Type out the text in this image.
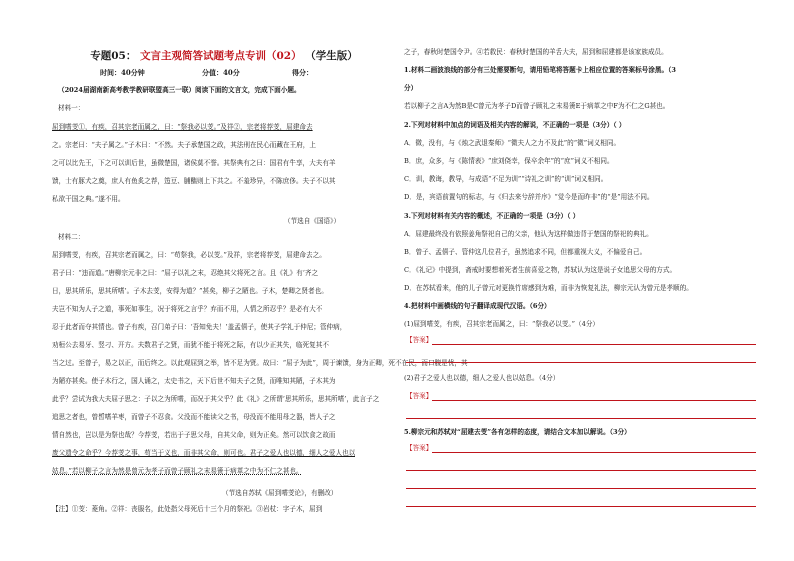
专题05： 文言主观简答试题考点专训（02） （学生版）
时间：40分钟	分值：40分	得分：
（2024届湖南新高考教学教研联盟高三一联）阅读下面的文言文，完成下面小题。
材料一：
屈到嗜芰①，有疾，召其宗老而属之，曰：“祭我必以芰。”及祥②，宗老将荐芰，屈建命去
之。宗老曰：“夫子属之。”子木曰：“不然。夫子承楚国之政，其法刑在民心而藏在王府，上
之可以比先王，下之可以训后世，虽微楚国，诸侯莫不誉。其祭典有之曰：国君有牛享，大夫有羊
馈，士有豚犬之奠，庶人有鱼炙之荐，笾豆、脯醢则上下共之。不羞珍异，不陈庶侈。夫子不以其
私欲干国之典。”遂不用。
（节选自《国语》）
材料二：
屈到嗜芰，有疾，召其宗老而属之，曰：“苟祭我，必以芰。”及祥，宗老将荐芰，屈建命去之。
君子曰：“违而道。”唐柳宗元非之曰：“屈子以礼之末，忍绝其父将死之言。且《礼》有‘齐之
日，思其所乐，思其所嗜’。子木去芰，安得为道？”甚矣，柳子之陋也。子木，楚卿之贤者也。
夫岂不知为人子之道，事死如事生，况于将死之言乎？弃而不用，人情之所忍乎？是必有大不
忍于此者而夺其情也。曾子有疾，召门弟子曰：‘吾知免夫！’盖孟僖子，使其子学礼于仲尼；管仲病，
劝桓公去易牙、竖刁、开方。夫数君子之贤，而犹不能于将死之际，有以少正其失，临死复其不
当之过。至曾子，易之以正，而后终之。以此观屈到之举，皆不足为贤。故曰：“屈子为此”，周于谏馈，身为正卿，死不在民，而口腹是忧，其
为陋亦甚矣。使子木行之，国人诵之，太史书之，天下后世不知夫子之贤，而唯知其陋，子木其为
此乎？尝试为我大夫屈子思之：子以之为所嗜，而况于其父乎？此《礼》之所谓‘思其所乐，思其所嗜’，此言子之
追思之者也，曾皙嗜羊枣，而曾子不忍食。父没而不能读父之书，母没而不能用母之器，皆人子之
情自然也，岂以是为祭也哉？今荐芰，若出于子思父母，自其父命，则为正矣。然可以饮食之故而
废父遗令之命乎？今荐芰之事，苟当于义也，而非其父命，则可也。君子之爱人也以德，细人之爱人也以
姑息。”若以柳子之言为然是曾元为孝子而曾子顾礼之末易箦于病革之中为不仁之甚也。
（节选自苏轼《屈到嗜芰论》，有删改）
【注】①芰：菱角。②祥：丧服名，此处指父母死后十三个月的祭祀。③岩杖：字子木，屈到
之子，春秋时楚国令尹。④若救民：春秋时楚国的羊舌大夫，屈到和屈建都是该家族成员。
1.材料二画波浪线的部分有三处需要断句，请用铅笔将答题卡上相应位置的答案标号涂黑。（3
分）
若以柳子之言A为然B是C曾元为孝子D而曾子顾礼之末易箦E于病革之中F为不仁之G甚也。
2.下列对材料中加点的词语及相关内容的解说，不正确的一项是（3分）（ ）
A．微，没有，与《烛之武退秦师》“微夫人之力不及此”的“微”词义相同。
B．庶，众多，与《陈情表》“庶刘侥幸，保卒余年”的“庶”词义不相同。
C．训，教诲，教导，与成语“不足为训”“诗礼之训”的“训”词义相同。
D．是，宾语前置句的标志，与《归去来兮辞并序》“觉今是而昨非”的“是”用法不同。
3.下列对材料有关内容的概述，不正确的一项是（3分）（ ）
A．屈建最终没有依照姜角祭祀自己的父亲，他认为这样做违背于楚国的祭祀的典礼。
B．曾子、孟僖子、管仲这几位君子，虽然追求不同，但都重视大义，不偏爱自己。
C．《礼记》中提到，斋戒时要想着死者生前喜爱之物，苏轼认为这是说子女追思父母的方式。
D．在苏轼看来，他的儿子曾元对更换竹席感到为难，而非为恢复礼法，柳宗元认为曾元是孝顺的。
4.把材料中画横线的句子翻译成现代汉语。（6分）
(1)屈到嗜芰，有疾，召其宗老而属之，曰：“祭我必以芰。”（4分）
【答案】
(2)君子之爱人也以德，细人之爱人也以姑息。（4分）
【答案】
5.柳宗元和苏轼对“屈建去芰”各有怎样的态度，请结合文本加以解说。（3分）
【答案】
